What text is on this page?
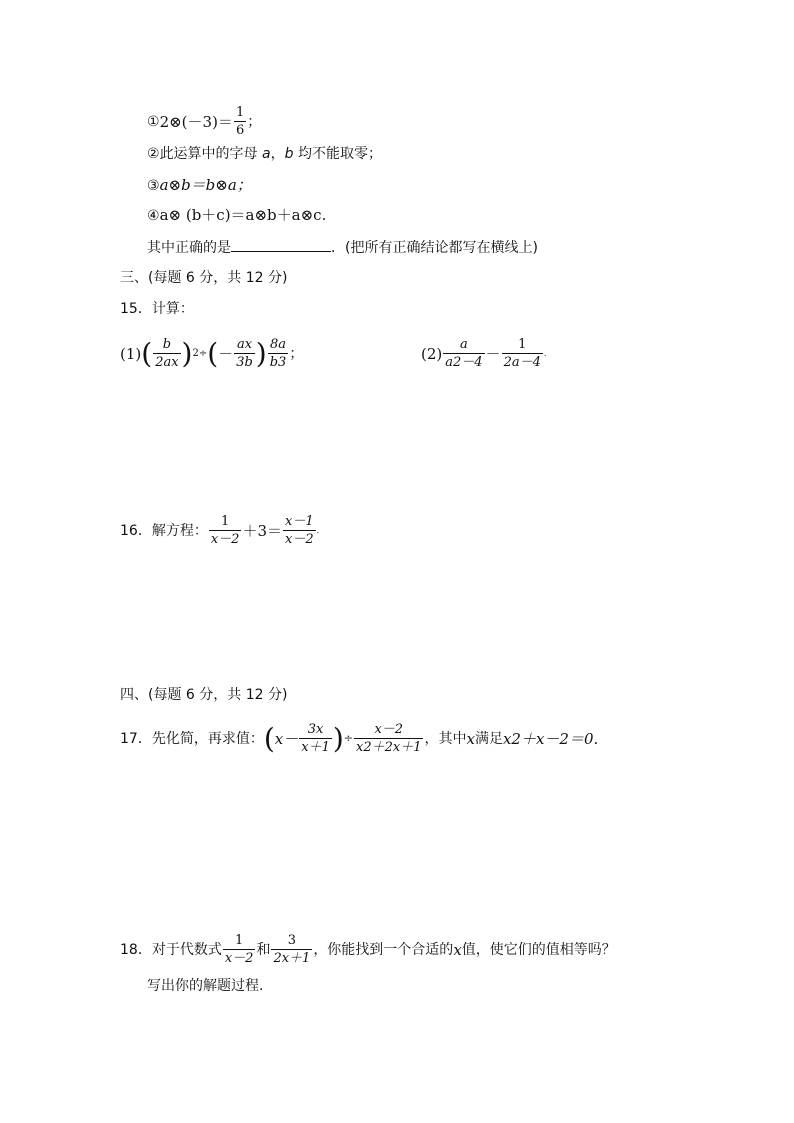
① 2⊗(－3)＝ $\frac{1}{6}$ ；
②此运算中的字母 a，b 均不能取零；
③a⊗b＝b⊗a；
④a⊗ (b＋c)＝a⊗b＋a⊗c.
其中正确的是	．(把所有正确结论都写在横线上)
三、(每题 6 分，共 12 分)
15．计算：
(1) ( $\frac{b}{2ax}$ ) 2÷ ( － $\frac{ax}{3b}$ ) $\frac{8a}{b3}$ ；	$(2) \frac{a}{a2-4} - \frac{1}{2a-4}$ .
16．解方程： $\frac{1}{x-2} +3= \frac{x-1}{x-2}$ .
四、(每题 6 分，共 12 分)
17．先化简，再求值： ( $x- \frac{3x}{x+1}$ ) ÷ $\frac{x-2}{x2+2x+1}$ ，其中 x 满足 x2＋x－2＝0.
18．对于代数式 $\frac{1}{x-2}$ 和 $\frac{3}{2x+1}$ ，你能找到一个合适的 x 值，使它们的值相等吗？
写出你的解题过程.
